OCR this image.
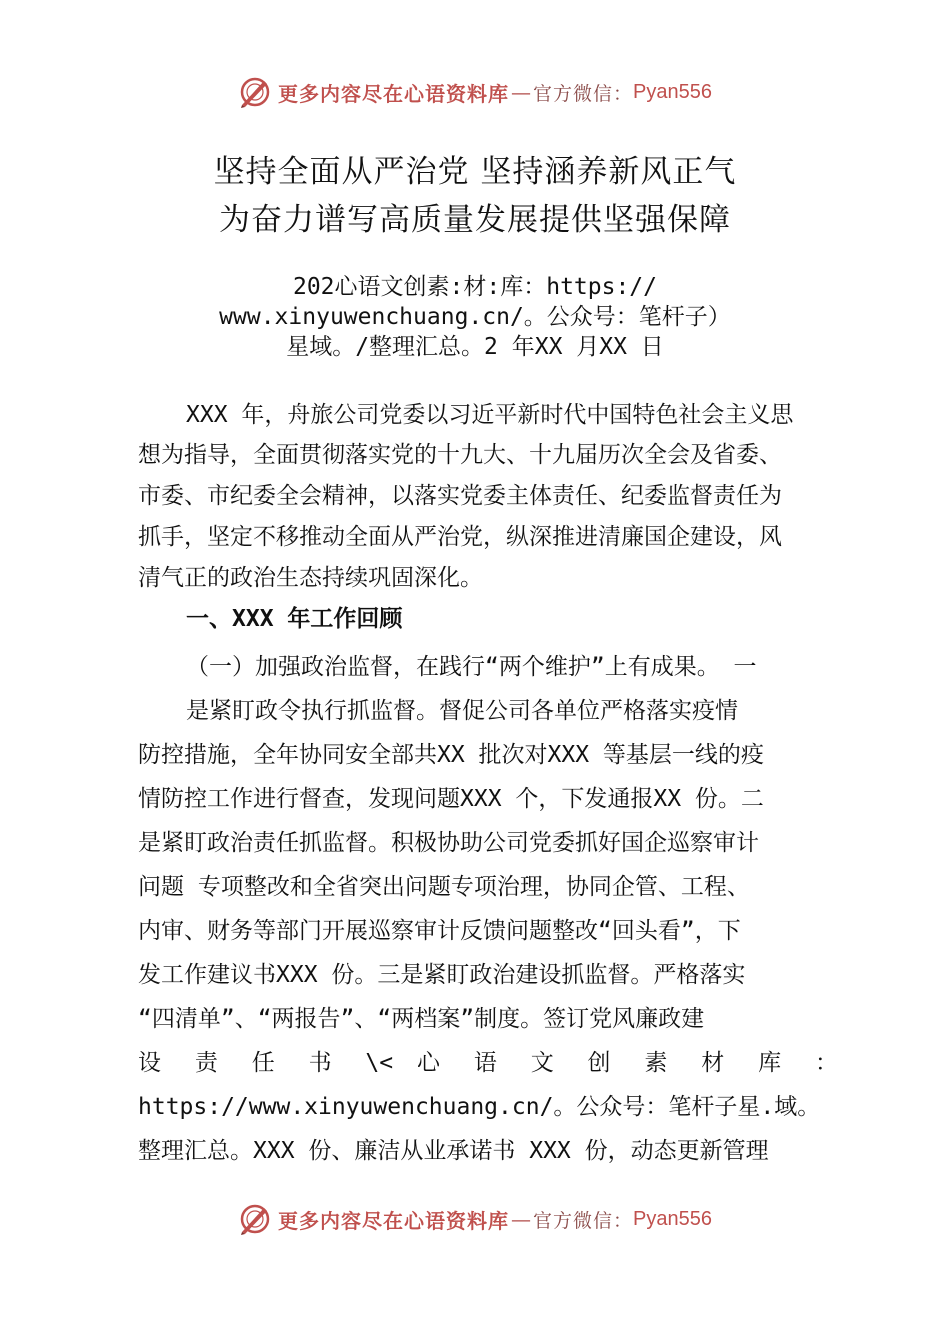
更多内容尽在心语资料库 — 官方微信： Pyan556
坚持全面从严治党 坚持涵养新风正气
为奋力谱写高质量发展提供坚强保障
202心语文创素:材:库：https://
www.xinyuwenchuang.cn/。公众号：笔杆子）
星域。/整理汇总。2 年XX 月XX 日
XXX 年，舟旅公司党委以习近平新时代中国特色社会主义思
想为指导，全面贯彻落实党的十九大、十九届历次全会及省委、
市委、市纪委全会精神，以落实党委主体责任、纪委监督责任为
抓手，坚定不移推动全面从严治党，纵深推进清廉国企建设，风
清气正的政治生态持续巩固深化。
一、XXX 年工作回顾
（一）加强政治监督，在践行“两个维护”上有成果。 一
是紧盯政令执行抓监督。督促公司各单位严格落实疫情
防控措施，全年协同安全部共XX 批次对XXX 等基层一线的疫
情防控工作进行督查，发现问题XXX 个，下发通报XX 份。二
是紧盯政治责任抓监督。积极协助公司党委抓好国企巡察审计
问题 专项整改和全省突出问题专项治理，协同企管、工程、
内审、财务等部门开展巡察审计反馈问题整改“回头看”，下
发工作建议书XXX 份。三是紧盯政治建设抓监督。严格落实
“四清单”、“两报告”、“两档案”制度。签订党风廉政建
设 责 任 书 \< 心 语 文 创 素 材 库 ：
https://www.xinyuwenchuang.cn/。公众号：笔杆子星.域。
整理汇总。XXX 份、廉洁从业承诺书 XXX 份，动态更新管理
更多内容尽在心语资料库 — 官方微信： Pyan556
